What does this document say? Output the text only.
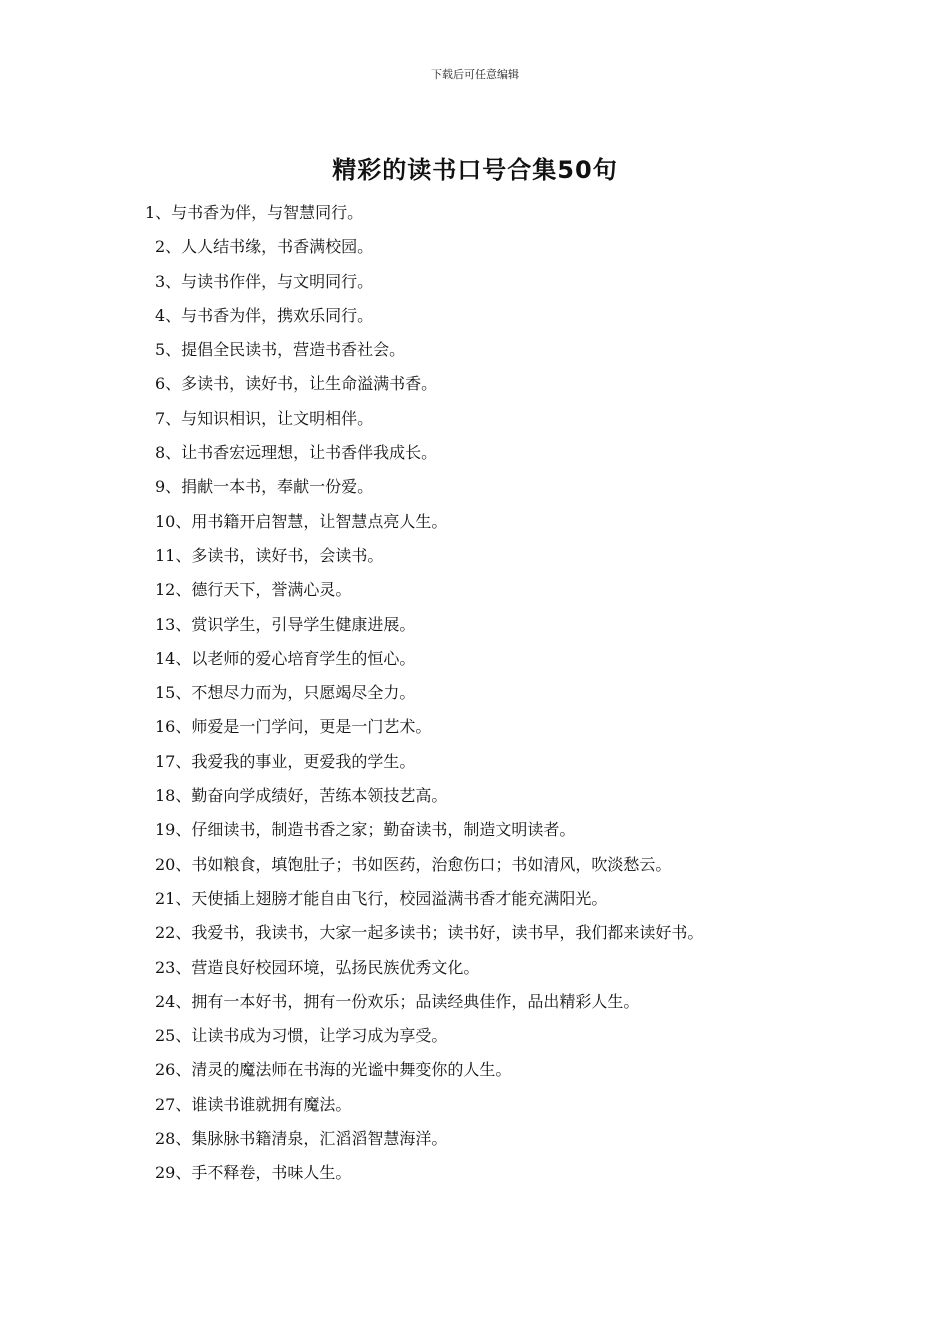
下载后可任意编辑
精彩的读书口号合集50句
1、与书香为伴，与智慧同行。
2、人人结书缘，书香满校园。
3、与读书作伴，与文明同行。
4、与书香为伴，携欢乐同行。
5、提倡全民读书，营造书香社会。
6、多读书，读好书，让生命溢满书香。
7、与知识相识，让文明相伴。
8、让书香宏远理想，让书香伴我成长。
9、捐献一本书，奉献一份爱。
10、用书籍开启智慧，让智慧点亮人生。
11、多读书，读好书，会读书。
12、德行天下，誉满心灵。
13、赏识学生，引导学生健康进展。
14、以老师的爱心培育学生的恒心。
15、不想尽力而为，只愿竭尽全力。
16、师爱是一门学问，更是一门艺术。
17、我爱我的事业，更爱我的学生。
18、勤奋向学成绩好，苦练本领技艺高。
19、仔细读书，制造书香之家；勤奋读书，制造文明读者。
20、书如粮食，填饱肚子；书如医药，治愈伤口；书如清风，吹淡愁云。
21、天使插上翅膀才能自由飞行，校园溢满书香才能充满阳光。
22、我爱书，我读书，大家一起多读书；读书好，读书早，我们都来读好书。
23、营造良好校园环境，弘扬民族优秀文化。
24、拥有一本好书，拥有一份欢乐；品读经典佳作，品出精彩人生。
25、让读书成为习惯，让学习成为享受。
26、清灵的魔法师在书海的光谧中舞变你的人生。
27、谁读书谁就拥有魔法。
28、集脉脉书籍清泉，汇滔滔智慧海洋。
29、手不释卷，书味人生。
